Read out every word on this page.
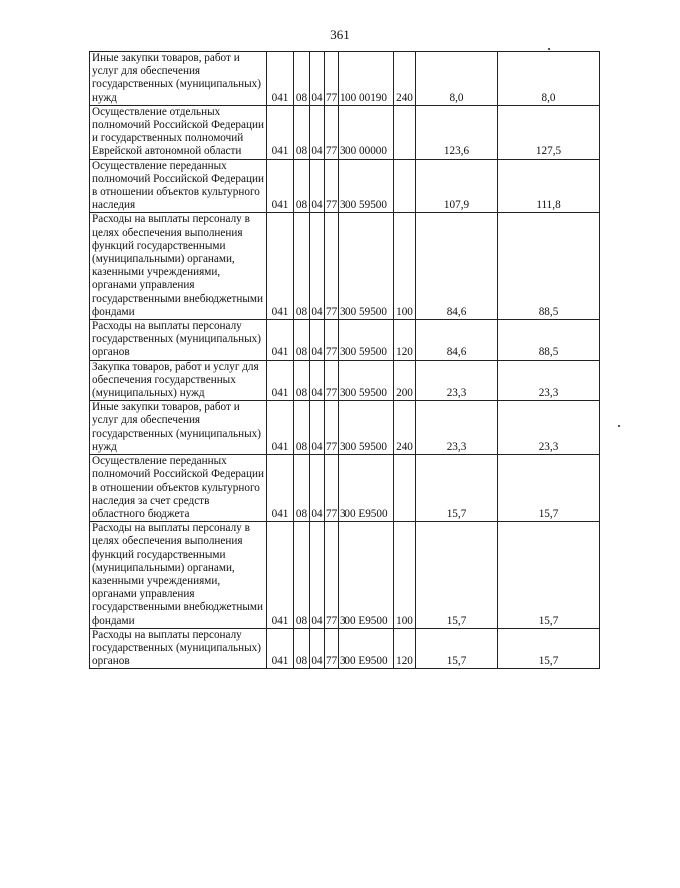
361
Иные закупки товаров, работ и услуг для обеспечения государственных (муниципальных) нужд	041	08	04	77 1	00 00190	240	8,0	8,0
Осуществление отдельных полномочий Российской Федерации и государственных полномочий Еврейской автономной области	041	08	04	77 3	00 00000		123,6	127,5
Осуществление переданных полномочий Российской Федерации в отношении объектов культурного наследия	041	08	04	77 3	00 59500		107,9	111,8
Расходы на выплаты персоналу в целях обеспечения выполнения функций государственными (муниципальными) органами, казенными учреждениями, органами управления государственными внебюджетными фондами	041	08	04	77 3	00 59500	100	84,6	88,5
Расходы на выплаты персоналу государственных (муниципальных) органов	041	08	04	77 3	00 59500	120	84,6	88,5
Закупка товаров, работ и услуг для обеспечения государственных (муниципальных) нужд	041	08	04	77 3	00 59500	200	23,3	23,3
Иные закупки товаров, работ и услуг для обеспечения государственных (муниципальных) нужд	041	08	04	77 3	00 59500	240	23,3	23,3
Осуществление переданных полномочий Российской Федерации в отношении объектов культурного наследия за счет средств областного бюджета	041	08	04	77 3	00 E9500		15,7	15,7
Расходы на выплаты персоналу в целях обеспечения выполнения функций государственными (муниципальными) органами, казенными учреждениями, органами управления государственными внебюджетными фондами	041	08	04	77 3	00 E9500	100	15,7	15,7
Расходы на выплаты персоналу государственных (муниципальных) органов	041	08	04	77 3	00 E9500	120	15,7	15,7
